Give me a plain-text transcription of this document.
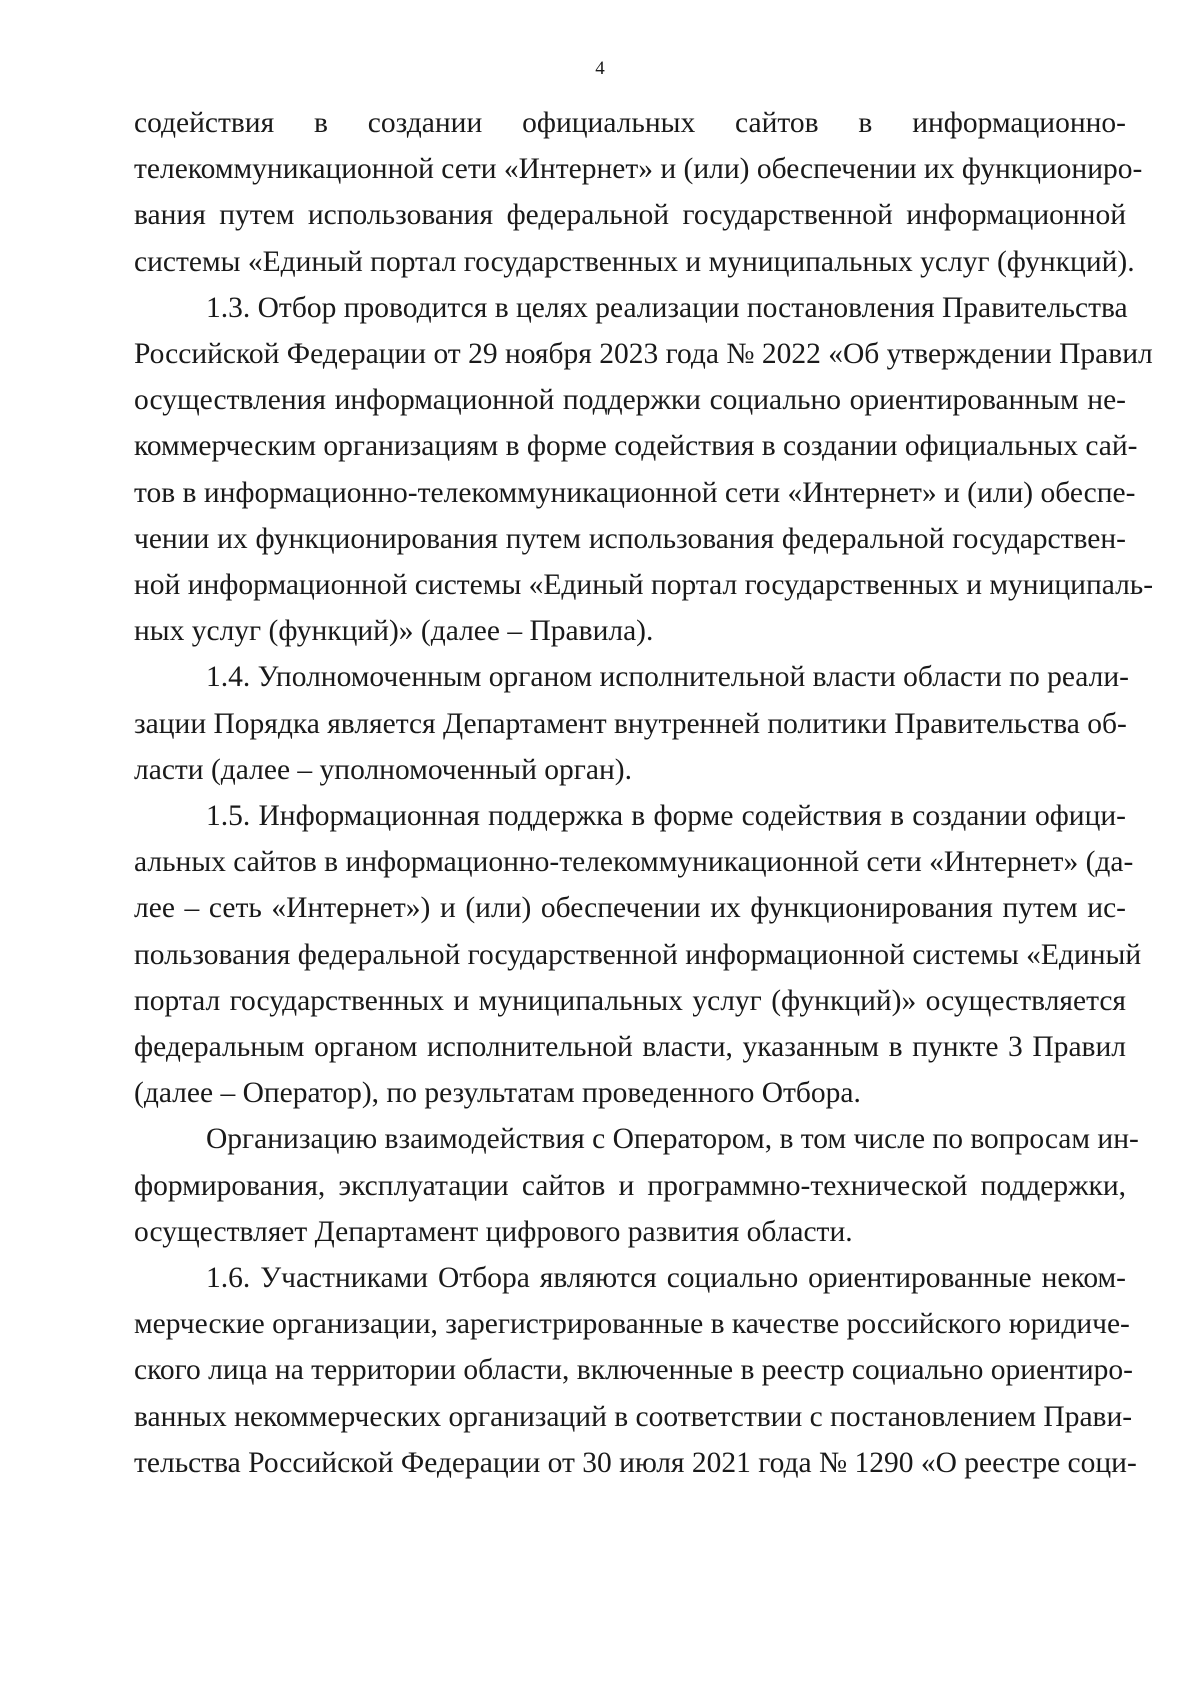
4
содействия в создании официальных сайтов в информационно-
телекоммуникационной сети «Интернет» и (или) обеспечении их функциониро-
вания путем использования федеральной государственной информационной
системы «Единый портал государственных и муниципальных услуг (функций).
1.3. Отбор проводится в целях реализации постановления Правительства
Российской Федерации от 29 ноября 2023 года № 2022 «Об утверждении Правил
осуществления информационной поддержки социально ориентированным не-
коммерческим организациям в форме содействия в создании официальных сай-
тов в информационно-телекоммуникационной сети «Интернет» и (или) обеспе-
чении их функционирования путем использования федеральной государствен-
ной информационной системы «Единый портал государственных и муниципаль-
ных услуг (функций)» (далее – Правила).
1.4. Уполномоченным органом исполнительной власти области по реали-
зации Порядка является Департамент внутренней политики Правительства об-
ласти (далее – уполномоченный орган).
1.5. Информационная поддержка в форме содействия в создании офици-
альных сайтов в информационно-телекоммуникационной сети «Интернет» (да-
лее – сеть «Интернет») и (или) обеспечении их функционирования путем ис-
пользования федеральной государственной информационной системы «Единый
портал государственных и муниципальных услуг (функций)» осуществляется
федеральным органом исполнительной власти, указанным в пункте 3 Правил
(далее – Оператор), по результатам проведенного Отбора.
Организацию взаимодействия с Оператором, в том числе по вопросам ин-
формирования, эксплуатации сайтов и программно-технической поддержки,
осуществляет Департамент цифрового развития области.
1.6. Участниками Отбора являются социально ориентированные неком-
мерческие организации, зарегистрированные в качестве российского юридиче-
ского лица на территории области, включенные в реестр социально ориентиро-
ванных некоммерческих организаций в соответствии с постановлением Прави-
тельства Российской Федерации от 30 июля 2021 года № 1290 «О реестре соци-
